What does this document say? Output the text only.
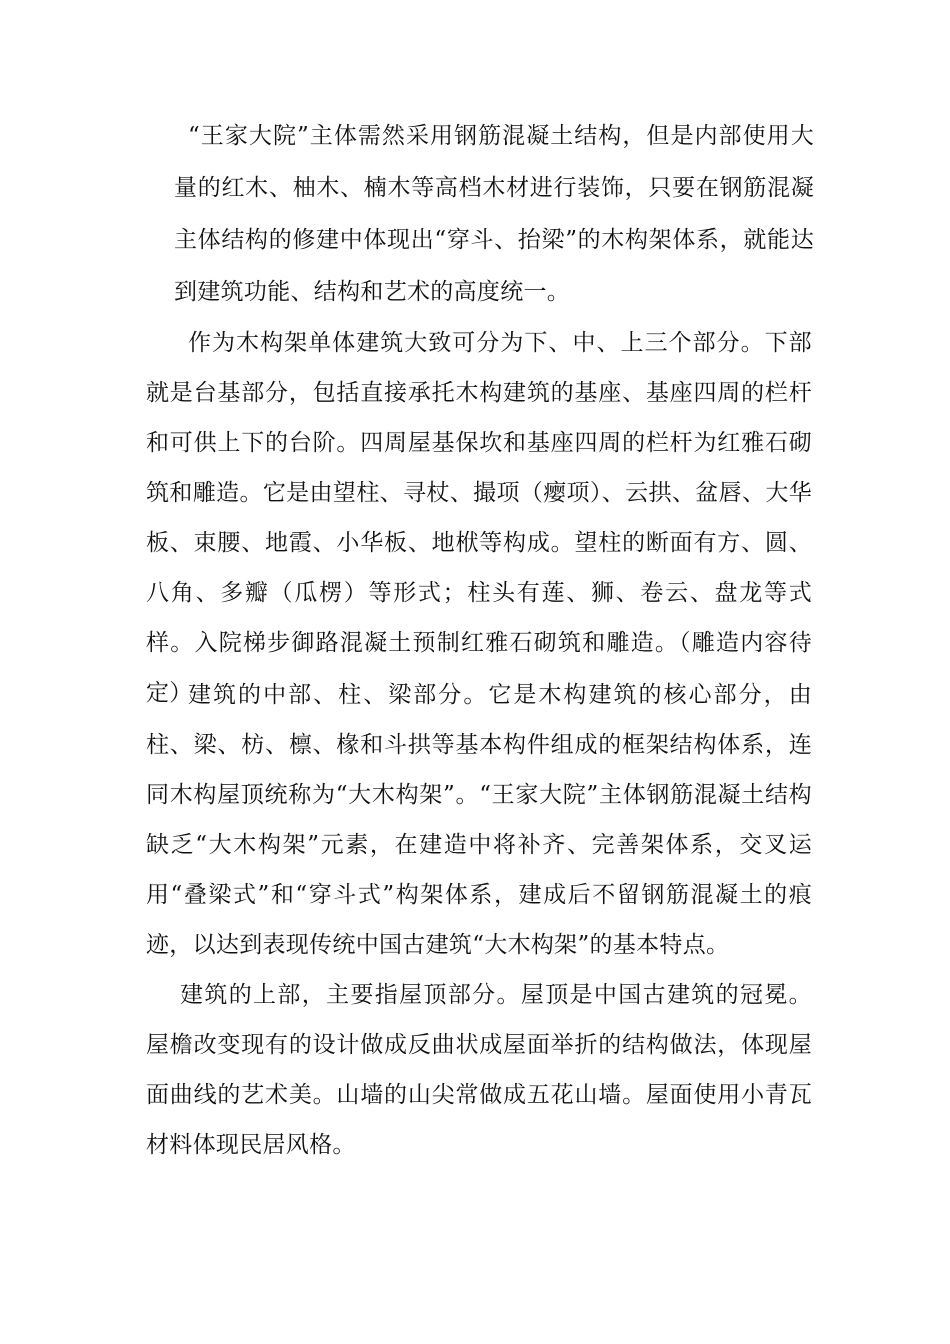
“王家大院”主体需然采用钢筋混凝土结构，但是内部使用大量的红木、柚木、楠木等高档木材进行装饰，只要在钢筋混凝主体结构的修建中体现出“穿斗、抬梁”的木构架体系，就能达到建筑功能、结构和艺术的高度统一。

作为木构架单体建筑大致可分为下、中、上三个部分。下部就是台基部分，包括直接承托木构建筑的基座、基座四周的栏杆和可供上下的台阶。四周屋基保坎和基座四周的栏杆为红雅石砌筑和雕造。它是由望柱、寻杖、撮项（瘿项）、云拱、盆唇、大华板、束腰、地霞、小华板、地栿等构成。望柱的断面有方、圆、八角、多瓣（瓜楞）等形式；柱头有莲、狮、卷云、盘龙等式样。入院梯步御路混凝土预制红雅石砌筑和雕造。（雕造内容待定）

建筑的中部、柱、梁部分。它是木构建筑的核心部分，由柱、梁、枋、檩、椽和斗拱等基本构件组成的框架结构体系，连同木构屋顶统称为“大木构架”。“王家大院”主体钢筋混凝土结构缺乏“大木构架”元素，在建造中将补齐、完善架体系，交叉运用“叠梁式”和“穿斗式”构架体系，建成后不留钢筋混凝土的痕迹，以达到表现传统中国古建筑“大木构架”的基本特点。

建筑的上部，主要指屋顶部分。屋顶是中国古建筑的冠冕。 屋檐改变现有的设计做成反曲状成屋面举折的结构做法，体现屋面曲线的艺术美。山墙的山尖常做成五花山墙。屋面使用小青瓦材料体现民居风格。
